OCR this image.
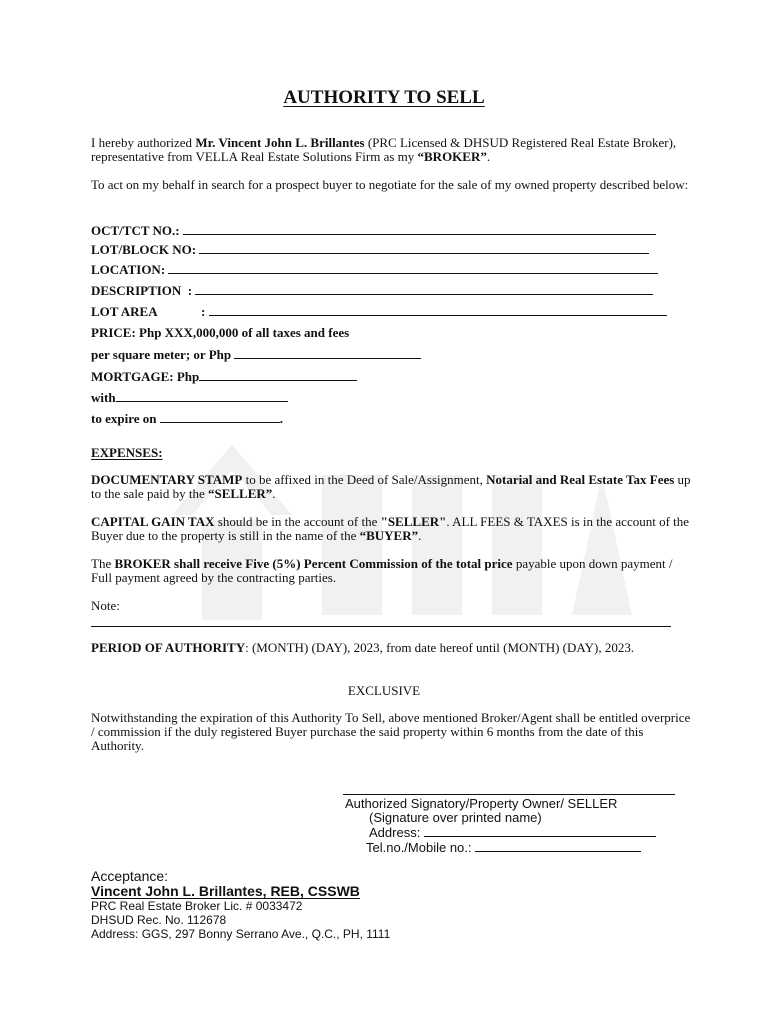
AUTHORITY TO SELL
I hereby authorized Mr. Vincent John L. Brillantes (PRC Licensed & DHSUD Registered Real Estate Broker), representative from VELLA Real Estate Solutions Firm as my “BROKER”.
To act on my behalf in search for a prospect buyer to negotiate for the sale of my owned property described below:
OCT/TCT NO.:
LOT/BLOCK NO:
LOCATION:
DESCRIPTION  :
LOT AREA	:
PRICE: Php XXX,000,000 of all taxes and fees
per square meter; or Php
MORTGAGE: Php
with
to expire on	.
EXPENSES:
DOCUMENTARY STAMP to be affixed in the Deed of Sale/Assignment, Notarial and Real Estate Tax Fees up to the sale paid by the “SELLER”.
CAPITAL GAIN TAX should be in the account of the "SELLER". ALL FEES & TAXES is in the account of the Buyer due to the property is still in the name of the “BUYER”.
The BROKER shall receive Five (5%) Percent Commission of the total price payable upon down payment / Full payment agreed by the contracting parties.
Note:
PERIOD OF AUTHORITY: (MONTH) (DAY), 2023, from date hereof until (MONTH) (DAY), 2023.
EXCLUSIVE
Notwithstanding the expiration of this Authority To Sell, above mentioned Broker/Agent shall be entitled overprice / commission if the duly registered Buyer purchase the said property within 6 months from the date of this Authority.
Authorized Signatory/Property Owner/ SELLER
(Signature over printed name)
Address:
Tel.no./Mobile no.:
Acceptance:
Vincent John L. Brillantes, REB, CSSWB
PRC Real Estate Broker Lic. # 0033472
DHSUD Rec. No. 112678
Address: GGS, 297 Bonny Serrano Ave., Q.C., PH, 1111
